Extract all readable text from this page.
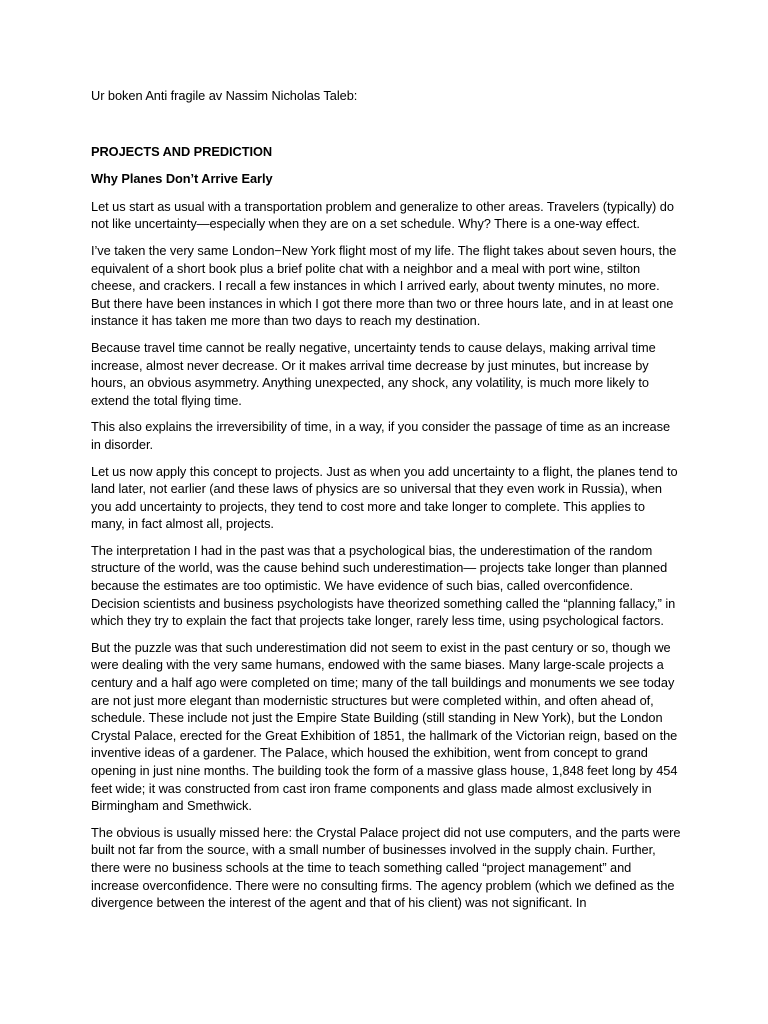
Ur boken Anti fragile av Nassim Nicholas Taleb:

PROJECTS AND PREDICTION

Why Planes Don’t Arrive Early

Let us start as usual with a transportation problem and generalize to other areas. Travelers (typically) do not like uncertainty—especially when they are on a set schedule. Why? There is a one-way effect.

I’ve taken the very same London−New York flight most of my life. The flight takes about seven hours, the equivalent of a short book plus a brief polite chat with a neighbor and a meal with port wine, stilton cheese, and crackers. I recall a few instances in which I arrived early, about twenty minutes, no more. But there have been instances in which I got there more than two or three hours late, and in at least one instance it has taken me more than two days to reach my destination.

Because travel time cannot be really negative, uncertainty tends to cause delays, making arrival time increase, almost never decrease. Or it makes arrival time decrease by just minutes, but increase by hours, an obvious asymmetry. Anything unexpected, any shock, any volatility, is much more likely to extend the total flying time.

This also explains the irreversibility of time, in a way, if you consider the passage of time as an increase in disorder.

Let us now apply this concept to projects. Just as when you add uncertainty to a flight, the planes tend to land later, not earlier (and these laws of physics are so universal that they even work in Russia), when you add uncertainty to projects, they tend to cost more and take longer to complete. This applies to many, in fact almost all, projects.

The interpretation I had in the past was that a psychological bias, the underestimation of the random structure of the world, was the cause behind such underestimation— projects take longer than planned because the estimates are too optimistic. We have evidence of such bias, called overconfidence. Decision scientists and business psychologists have theorized something called the “planning fallacy,” in which they try to explain the fact that projects take longer, rarely less time, using psychological factors.

But the puzzle was that such underestimation did not seem to exist in the past century or so, though we were dealing with the very same humans, endowed with the same biases. Many large-scale projects a century and a half ago were completed on time; many of the tall buildings and monuments we see today are not just more elegant than modernistic structures but were completed within, and often ahead of, schedule. These include not just the Empire State Building (still standing in New York), but the London Crystal Palace, erected for the Great Exhibition of 1851, the hallmark of the Victorian reign, based on the inventive ideas of a gardener. The Palace, which housed the exhibition, went from concept to grand opening in just nine months. The building took the form of a massive glass house, 1,848 feet long by 454 feet wide; it was constructed from cast iron frame components and glass made almost exclusively in Birmingham and Smethwick.

The obvious is usually missed here: the Crystal Palace project did not use computers, and the parts were built not far from the source, with a small number of businesses involved in the supply chain. Further, there were no business schools at the time to teach something called “project management” and increase overconfidence. There were no consulting firms. The agency problem (which we defined as the divergence between the interest of the agent and that of his client) was not significant. In
